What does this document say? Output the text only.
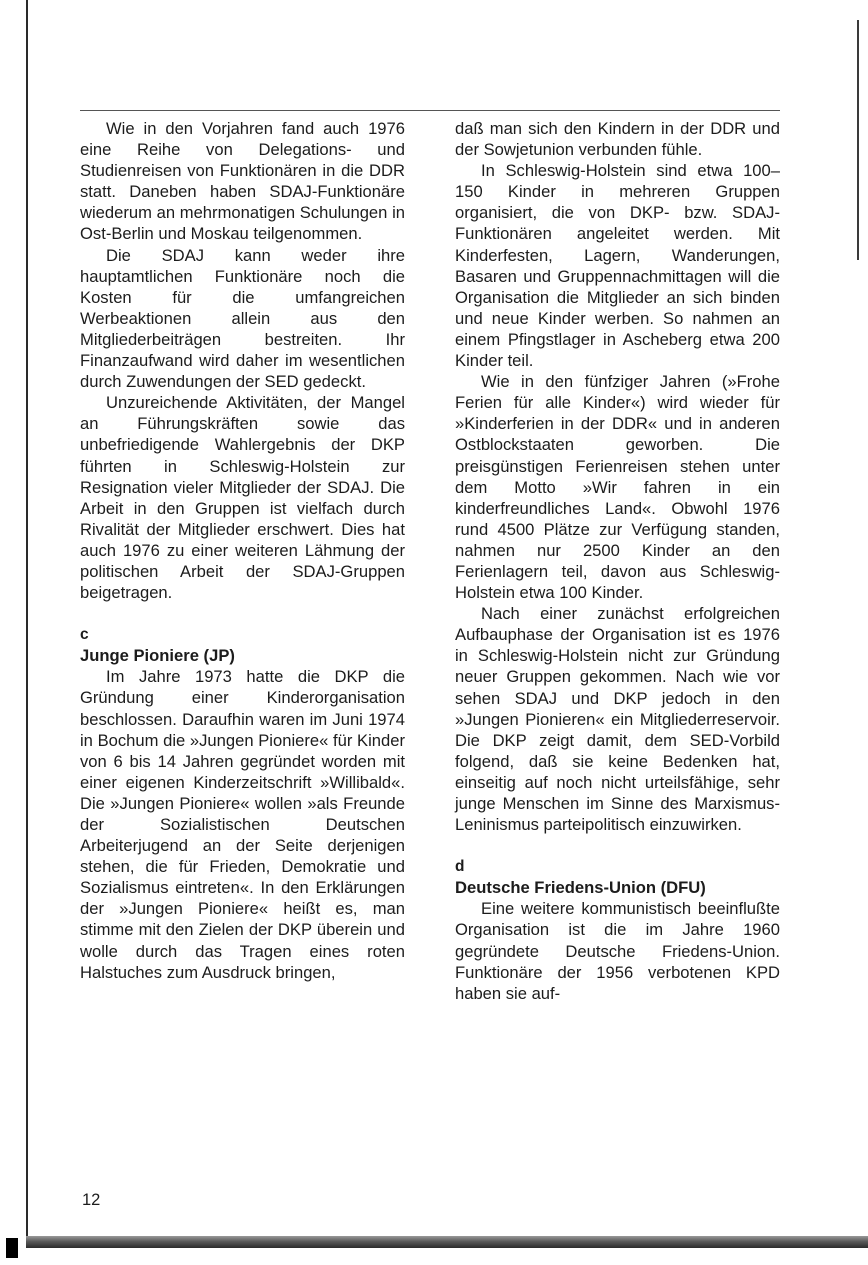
Wie in den Vorjahren fand auch 1976 eine Reihe von Delegations- und Studienreisen von Funktionären in die DDR statt. Daneben haben SDAJ-Funktionäre wiederum an mehrmonatigen Schulungen in Ost-Berlin und Moskau teilgenommen.

Die SDAJ kann weder ihre hauptamtlichen Funktionäre noch die Kosten für die umfangreichen Werbeaktionen allein aus den Mitgliederbeiträgen bestreiten. Ihr Finanzaufwand wird daher im wesentlichen durch Zuwendungen der SED gedeckt.

Unzureichende Aktivitäten, der Mangel an Führungskräften sowie das unbefriedigende Wahlergebnis der DKP führten in Schleswig-Holstein zur Resignation vieler Mitglieder der SDAJ. Die Arbeit in den Gruppen ist vielfach durch Rivalität der Mitglieder erschwert. Dies hat auch 1976 zu einer weiteren Lähmung der politischen Arbeit der SDAJ-Gruppen beigetragen.

c

Junge Pioniere (JP)

Im Jahre 1973 hatte die DKP die Gründung einer Kinderorganisation beschlossen. Daraufhin waren im Juni 1974 in Bochum die »Jungen Pioniere« für Kinder von 6 bis 14 Jahren gegründet worden mit einer eigenen Kinderzeitschrift »Willibald«. Die »Jungen Pioniere« wollen »als Freunde der Sozialistischen Deutschen Arbeiterjugend an der Seite derjenigen stehen, die für Frieden, Demokratie und Sozialismus eintreten«. In den Erklärungen der »Jungen Pioniere« heißt es, man stimme mit den Zielen der DKP überein und wolle durch das Tragen eines roten Halstuches zum Ausdruck bringen,

daß man sich den Kindern in der DDR und der Sowjetunion verbunden fühle.

In Schleswig-Holstein sind etwa 100–150 Kinder in mehreren Gruppen organisiert, die von DKP- bzw. SDAJ-Funktionären angeleitet werden. Mit Kinderfesten, Lagern, Wanderungen, Basaren und Gruppennachmittagen will die Organisation die Mitglieder an sich binden und neue Kinder werben. So nahmen an einem Pfingstlager in Ascheberg etwa 200 Kinder teil.

Wie in den fünfziger Jahren (»Frohe Ferien für alle Kinder«) wird wieder für »Kinderferien in der DDR« und in anderen Ostblockstaaten geworben. Die preisgünstigen Ferienreisen stehen unter dem Motto »Wir fahren in ein kinderfreundliches Land«. Obwohl 1976 rund 4500 Plätze zur Verfügung standen, nahmen nur 2500 Kinder an den Ferienlagern teil, davon aus Schleswig-Holstein etwa 100 Kinder.

Nach einer zunächst erfolgreichen Aufbauphase der Organisation ist es 1976 in Schleswig-Holstein nicht zur Gründung neuer Gruppen gekommen. Nach wie vor sehen SDAJ und DKP jedoch in den »Jungen Pionieren« ein Mitgliederreservoir. Die DKP zeigt damit, dem SED-Vorbild folgend, daß sie keine Bedenken hat, einseitig auf noch nicht urteilsfähige, sehr junge Menschen im Sinne des Marxismus-Leninismus parteipolitisch einzuwirken.

d

Deutsche Friedens-Union (DFU)

Eine weitere kommunistisch beeinflußte Organisation ist die im Jahre 1960 gegründete Deutsche Friedens-Union. Funktionäre der 1956 verbotenen KPD haben sie auf-

12
